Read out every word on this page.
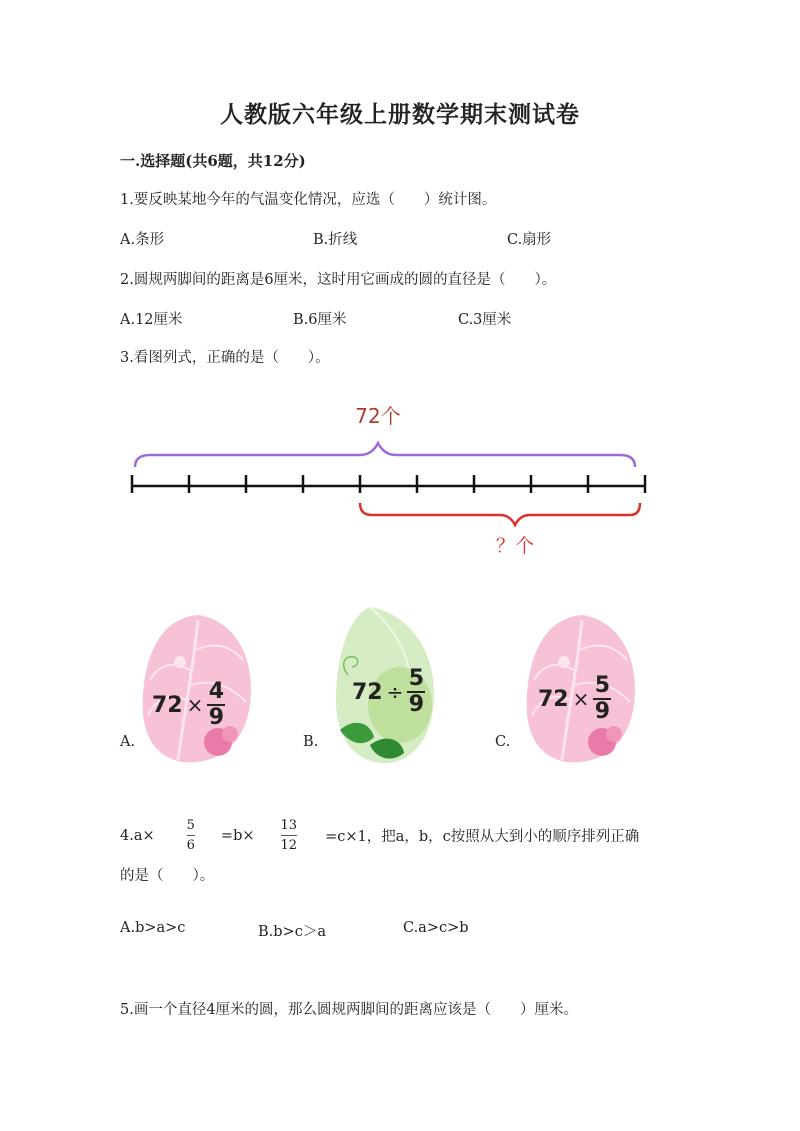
人教版六年级上册数学期末测试卷
一.选择题(共6题，共12分)
1.要反映某地今年的气温变化情况，应选（　　）统计图。
A.条形	B.折线	C.扇形
2.圆规两脚间的距离是6厘米，这时用它画成的圆的直径是（　　）。
A.12厘米	B.6厘米	C.3厘米
3.看图列式，正确的是（　　）。
72个
？个
A.
72 ×
4
9
B.
72 ÷
5
9
C.
72 ×
5
9
$4.a\times \frac{5}{6} =b\times \frac{13}{12} =c\times 1$，把a，b，c按照从大到小的顺序排列正确
的是（　　）。
A.b>a>c	B.b>c＞a	C.a>c>b
5.画一个直径4厘米的圆，那么圆规两脚间的距离应该是（　　）厘米。
